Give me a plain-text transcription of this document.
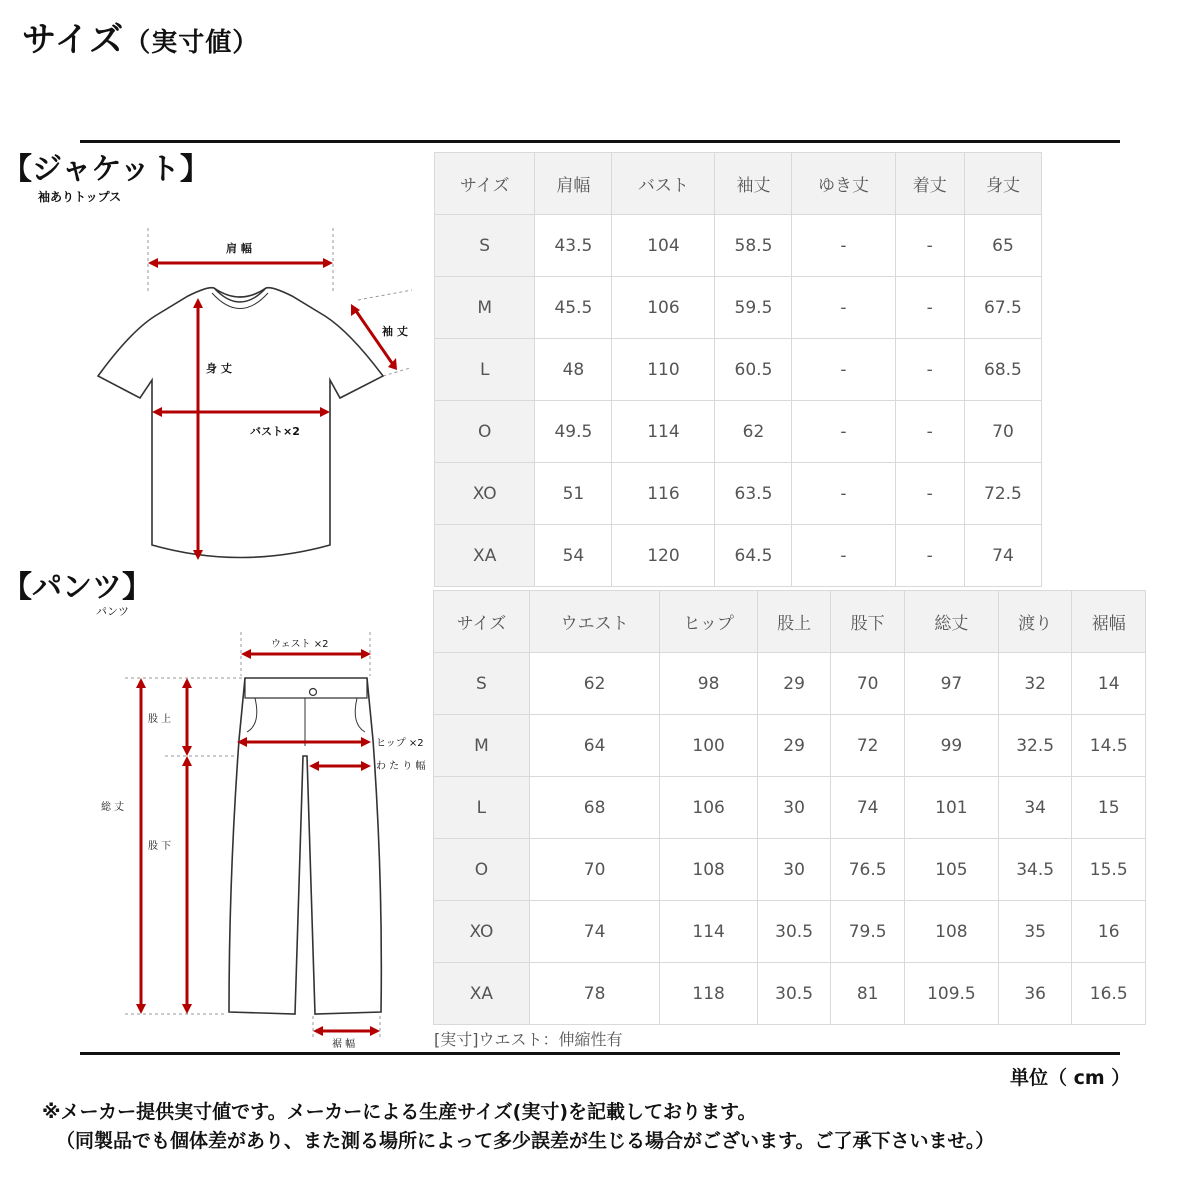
サイズ（実寸値）
【ジャケット】
袖ありトップス
肩 幅
袖 丈
身 丈
バスト×2
サイズ	肩幅	バスト	袖丈	ゆき丈	着丈	身丈
S	43.5	104	58.5	-	-	65
M	45.5	106	59.5	-	-	67.5
L	48	110	60.5	-	-	68.5
O	49.5	114	62	-	-	70
XO	51	116	63.5	-	-	72.5
XA	54	120	64.5	-	-	74
【パンツ】
パンツ
ウェスト ×2
ヒップ ×2
わ た り 幅
股 上
総 丈
股 下
裾 幅
サイズ	ウエスト	ヒップ	股上	股下	総丈	渡り	裾幅
S	62	98	29	70	97	32	14
M	64	100	29	72	99	32.5	14.5
L	68	106	30	74	101	34	15
O	70	108	30	76.5	105	34.5	15.5
XO	74	114	30.5	79.5	108	35	16
XA	78	118	30.5	81	109.5	36	16.5
[実寸]ウエスト：伸縮性有
単位（ cm ）
※メーカー提供実寸値です。メーカーによる生産サイズ(実寸)を記載しております。
（同製品でも個体差があり、また測る場所によって多少誤差が生じる場合がございます。ご了承下さいませ。）
